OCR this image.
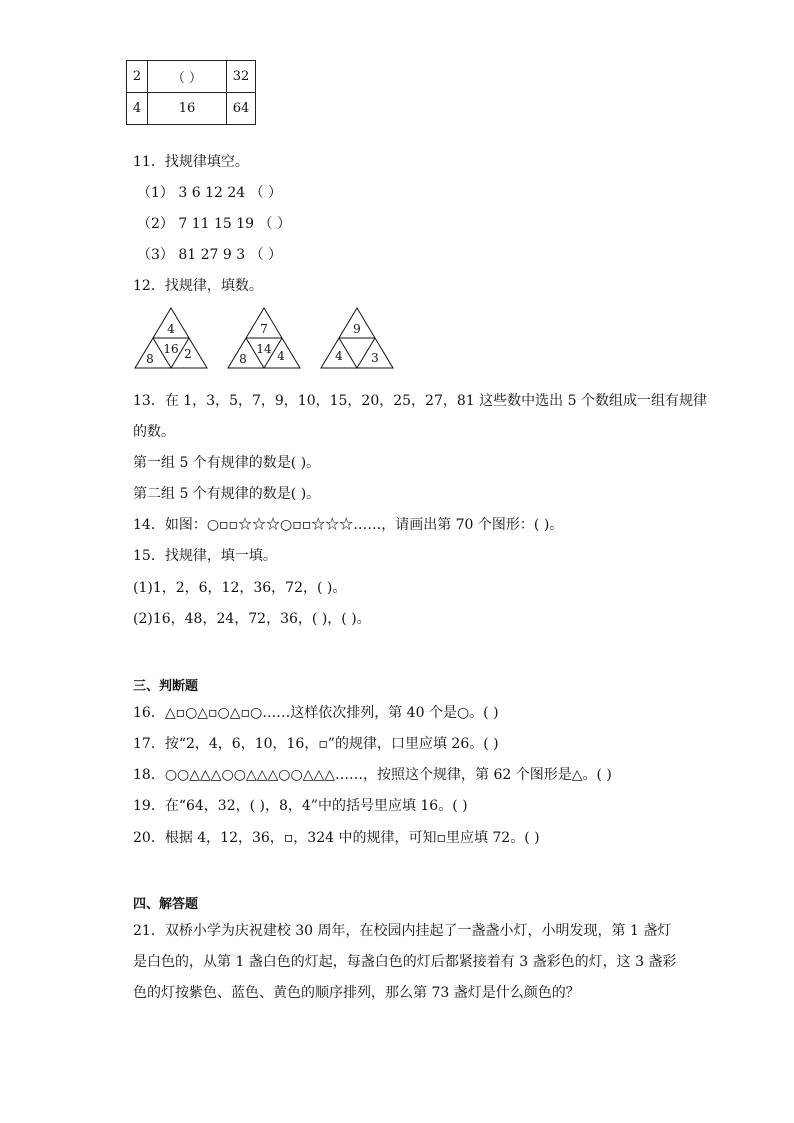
2	（ ）	32
4	16	64
11．找规律填空。
（1） 3 6 12 24 （ ）
（2） 7 11 15 19 （ ）
（3） 81 27 9 3 （ ）
12．找规律，填数。
4
16
8	2
7
14
8	4
9
4 3
13．在 1，3，5，7，9，10，15，20，25，27，81 这些数中选出 5 个数组成一组有规律
的数。
第一组 5 个有规律的数是( )。
第二组 5 个有规律的数是( )。
14．如图：○▫▫☆☆☆○▫▫☆☆☆……，请画出第 70 个图形：( )。
15．找规律，填一填。
(1)1，2，6，12，36，72，( )。
(2)16，48，24，72，36，( )，( )。
三、判断题
16．△▫○△▫○△▫○……这样依次排列，第 40 个是○。( )
17．按“2，4，6，10，16，▫”的规律，口里应填 26。( )
18．○○△△△○○△△△○○△△△……，按照这个规律，第 62 个图形是△。( )
19．在“64，32，( )，8，4”中的括号里应填 16。( )
20．根据 4，12，36，▫，324 中的规律，可知▫里应填 72。( )
四、解答题
21．双桥小学为庆祝建校 30 周年，在校园内挂起了一盏盏小灯，小明发现，第 1 盏灯
是白色的，从第 1 盏白色的灯起，每盏白色的灯后都紧接着有 3 盏彩色的灯，这 3 盏彩
色的灯按紫色、蓝色、黄色的顺序排列，那么第 73 盏灯是什么颜色的？
